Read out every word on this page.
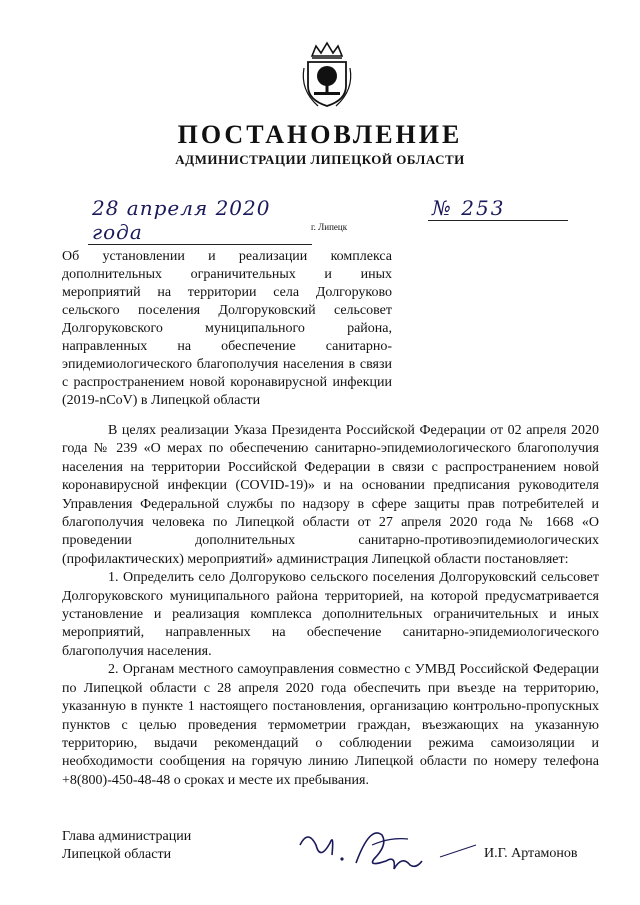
ПОСТАНОВЛЕНИЕ
АДМИНИСТРАЦИИ ЛИПЕЦКОЙ ОБЛАСТИ
28 апреля 2020 года	г. Липецк
№ 253
Об установлении и реализации комплекса дополнительных ограничительных и иных мероприятий на территории села Долгоруково сельского поселения Долгоруковский сельсовет Долгоруковского муниципального района, направленных на обеспечение санитарно-эпидемиологического благополучия населения в связи с распространением новой коронавирусной инфекции (2019-nCoV) в Липецкой области

В целях реализации Указа Президента Российской Федерации от 02 апреля 2020 года № 239 «О мерах по обеспечению санитарно-эпидемиологического благополучия населения на территории Российской Федерации в связи с распространением новой коронавирусной инфекции (COVID-19)» и на основании предписания руководителя Управления Федеральной службы по надзору в сфере защиты прав потребителей и благополучия человека по Липецкой области от 27 апреля 2020 года № 1668 «О проведении дополнительных санитарно-противоэпидемиологических (профилактических) мероприятий» администрация Липецкой области постановляет:

1. Определить село Долгоруково сельского поселения Долгоруковский сельсовет Долгоруковского муниципального района территорией, на которой предусматривается установление и реализация комплекса дополнительных ограничительных и иных мероприятий, направленных на обеспечение санитарно-эпидемиологического благополучия населения.

2. Органам местного самоуправления совместно с УМВД Российской Федерации по Липецкой области с 28 апреля 2020 года обеспечить при въезде на территорию, указанную в пункте 1 настоящего постановления, организацию контрольно-пропускных пунктов с целью проведения термометрии граждан, въезжающих на указанную территорию, выдачи рекомендаций о соблюдении режима самоизоляции и необходимости сообщения на горячую линию Липецкой области по номеру телефона +8(800)-450-48-48 о сроках и месте их пребывания.

Глава администрации
Липецкой области	И.Г. Артамонов
